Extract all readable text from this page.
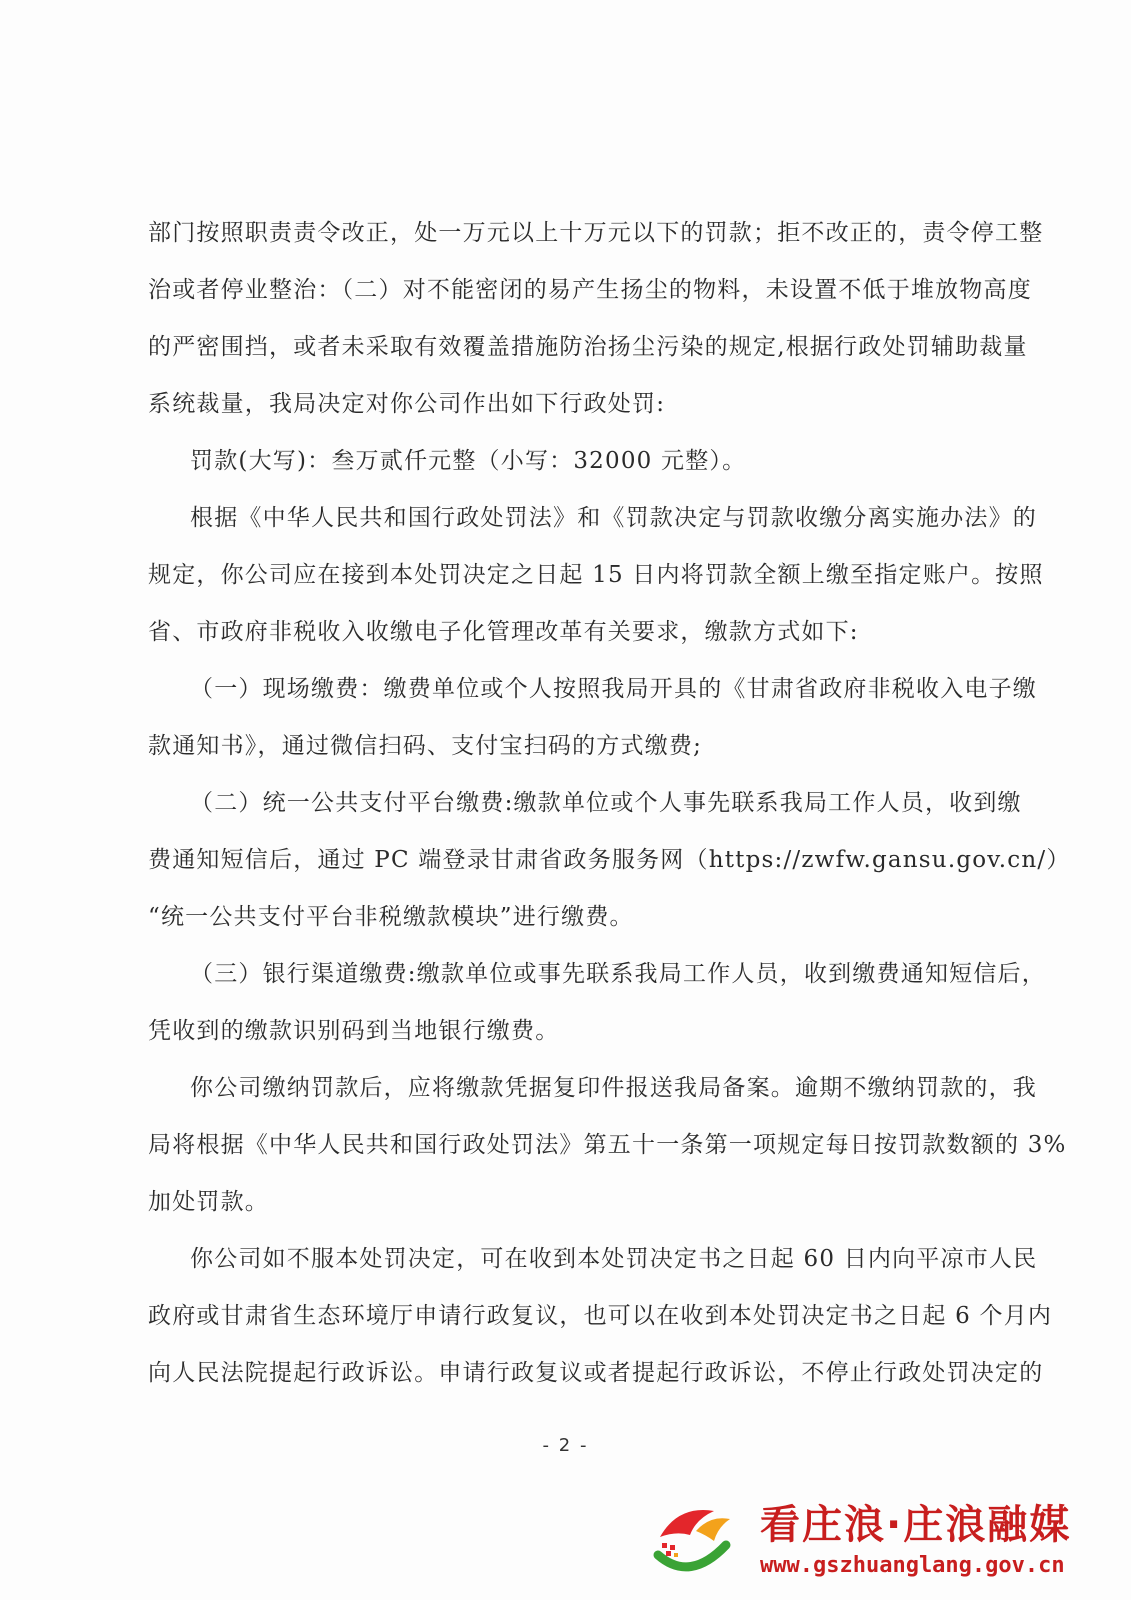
部门按照职责责令改正，处一万元以上十万元以下的罚款；拒不改正的，责令停工整
治或者停业整治：（二）对不能密闭的易产生扬尘的物料，未设置不低于堆放物高度
的严密围挡，或者未采取有效覆盖措施防治扬尘污染的规定,根据行政处罚辅助裁量
系统裁量，我局决定对你公司作出如下行政处罚:
罚款(大写)：叁万贰仟元整（小写：32000 元整）。
根据《中华人民共和国行政处罚法》和《罚款决定与罚款收缴分离实施办法》的
规定，你公司应在接到本处罚决定之日起 15 日内将罚款全额上缴至指定账户。按照
省、市政府非税收入收缴电子化管理改革有关要求，缴款方式如下:
（一）现场缴费：缴费单位或个人按照我局开具的《甘肃省政府非税收入电子缴
款通知书》，通过微信扫码、支付宝扫码的方式缴费;
（二）统一公共支付平台缴费:缴款单位或个人事先联系我局工作人员，收到缴
费通知短信后，通过 PC 端登录甘肃省政务服务网（https://zwfw.gansu.gov.cn/）
“统一公共支付平台非税缴款模块”进行缴费。
（三）银行渠道缴费:缴款单位或事先联系我局工作人员，收到缴费通知短信后，
凭收到的缴款识别码到当地银行缴费。
你公司缴纳罚款后，应将缴款凭据复印件报送我局备案。逾期不缴纳罚款的，我
局将根据《中华人民共和国行政处罚法》第五十一条第一项规定每日按罚款数额的 3%
加处罚款。
你公司如不服本处罚决定，可在收到本处罚决定书之日起 60 日内向平凉市人民
政府或甘肃省生态环境厅申请行政复议，也可以在收到本处罚决定书之日起 6 个月内
向人民法院提起行政诉讼。申请行政复议或者提起行政诉讼，不停止行政处罚决定的
- 2 -
看庄浪·庄浪融媒
www.gszhuanglang.gov.cn
